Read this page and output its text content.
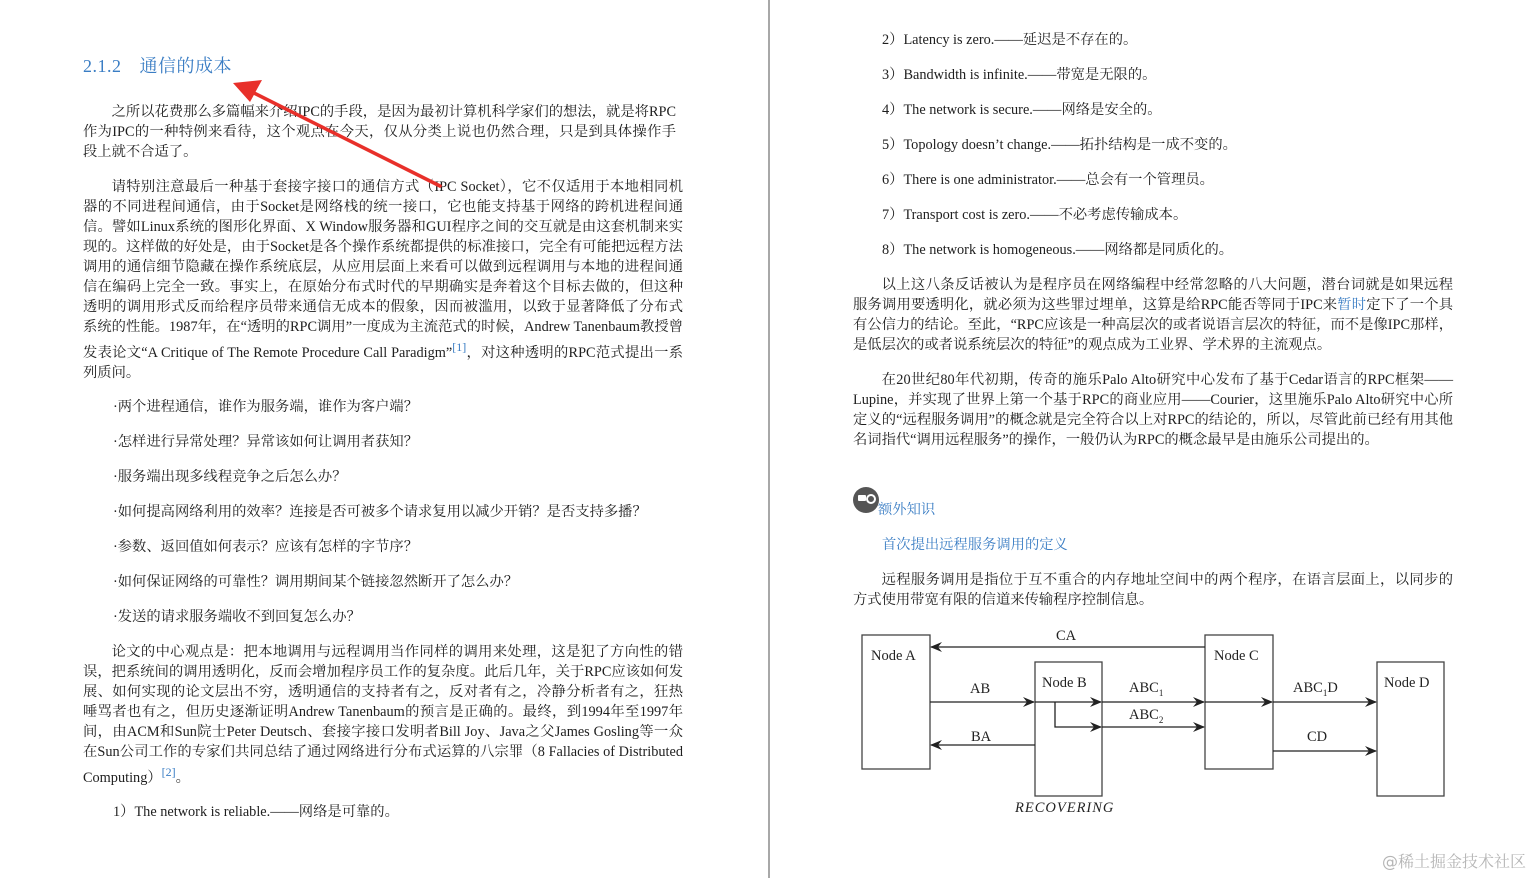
2.1.2 通信的成本
之所以花费那么多篇幅来介绍IPC的手段，是因为最初计算机科学家们的想法，就是将RPC作为IPC的一种特例来看待，这个观点在今天，仅从分类上说也仍然合理，只是到具体操作手段上就不合适了。
请特别注意最后一种基于套接字接口的通信方式（IPC Socket），它不仅适用于本地相同机器的不同进程间通信，由于Socket是网络栈的统一接口，它也能支持基于网络的跨机进程间通信。譬如Linux系统的图形化界面、X Window服务器和GUI程序之间的交互就是由这套机制来实现的。这样做的好处是，由于Socket是各个操作系统都提供的标准接口，完全有可能把远程方法调用的通信细节隐藏在操作系统底层，从应用层面上来看可以做到远程调用与本地的进程间通信在编码上完全一致。事实上，在原始分布式时代的早期确实是奔着这个目标去做的，但这种透明的调用形式反而给程序员带来通信无成本的假象，因而被滥用，以致于显著降低了分布式系统的性能。1987年，在“透明的RPC调用”一度成为主流范式的时候，Andrew Tanenbaum教授曾发表论文“A Critique of The Remote Procedure Call Paradigm”[1]，对这种透明的RPC范式提出一系列质问。
·两个进程通信，谁作为服务端，谁作为客户端？
·怎样进行异常处理？异常该如何让调用者获知？
·服务端出现多线程竞争之后怎么办？
·如何提高网络利用的效率？连接是否可被多个请求复用以减少开销？是否支持多播？
·参数、返回值如何表示？应该有怎样的字节序？
·如何保证网络的可靠性？调用期间某个链接忽然断开了怎么办？
·发送的请求服务端收不到回复怎么办？
论文的中心观点是：把本地调用与远程调用当作同样的调用来处理，这是犯了方向性的错误，把系统间的调用透明化，反而会增加程序员工作的复杂度。此后几年，关于RPC应该如何发展、如何实现的论文层出不穷，透明通信的支持者有之，反对者有之，冷静分析者有之，狂热唾骂者也有之，但历史逐渐证明Andrew Tanenbaum的预言是正确的。最终，到1994年至1997年间，由ACM和Sun院士Peter Deutsch、套接字接口发明者Bill Joy、Java之父James Gosling等一众在Sun公司工作的专家们共同总结了通过网络进行分布式运算的八宗罪（8 Fallacies of Distributed Computing）[2]。
1）The network is reliable.——网络是可靠的。
2）Latency is zero.——延迟是不存在的。
3）Bandwidth is infinite.——带宽是无限的。
4）The network is secure.——网络是安全的。
5）Topology doesn’t change.——拓扑结构是一成不变的。
6）There is one administrator.——总会有一个管理员。
7）Transport cost is zero.——不必考虑传输成本。
8）The network is homogeneous.——网络都是同质化的。
以上这八条反话被认为是程序员在网络编程中经常忽略的八大问题，潜台词就是如果远程服务调用要透明化，就必须为这些罪过埋单，这算是给RPC能否等同于IPC来暂时定下了一个具有公信力的结论。至此，“RPC应该是一种高层次的或者说语言层次的特征，而不是像IPC那样，是低层次的或者说系统层次的特征”的观点成为工业界、学术界的主流观点。
在20世纪80年代初期，传奇的施乐Palo Alto研究中心发布了基于Cedar语言的RPC框架——Lupine，并实现了世界上第一个基于RPC的商业应用——Courier，这里施乐Palo Alto研究中心所定义的“远程服务调用”的概念就是完全符合以上对RPC的结论的，所以，尽管此前已经有用其他名词指代“调用远程服务”的操作，一般仍认为RPC的概念最早是由施乐公司提出的。
额外知识
首次提出远程服务调用的定义
远程服务调用是指位于互不重合的内存地址空间中的两个程序，在语言层面上，以同步的方式使用带宽有限的信道来传输程序控制信息。
Node A
Node B
Node C
Node D
CA
AB
BA
$ABC_1$
$ABC_2$
$ABC_1D$
CD
RECOVERING
@稀土掘金技术社区
